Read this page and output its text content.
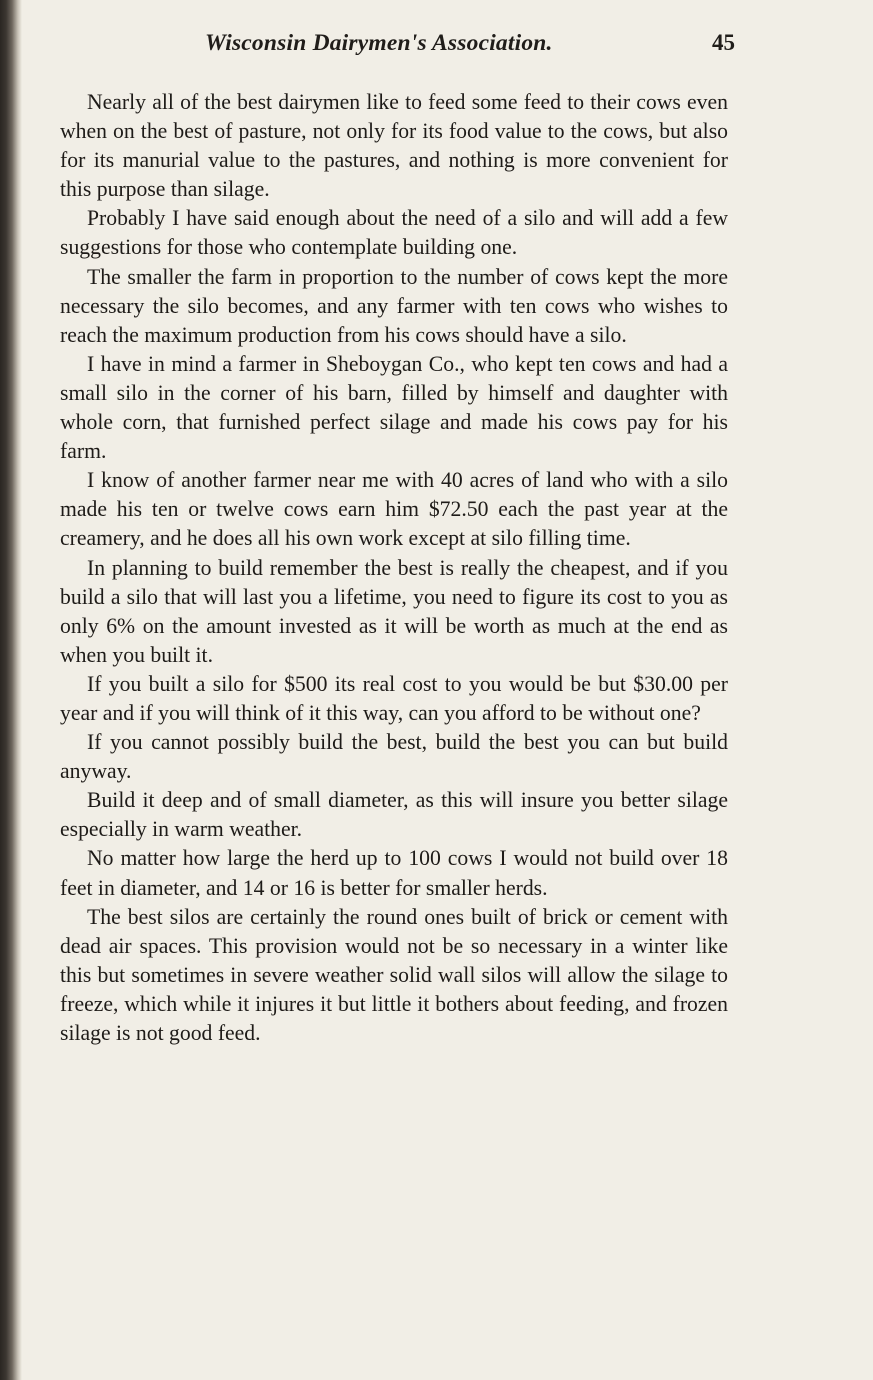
Wisconsin Dairymen's Association.	45

Nearly all of the best dairymen like to feed some feed to their cows even when on the best of pasture, not only for its food value to the cows, but also for its manurial value to the pastures, and nothing is more convenient for this purpose than silage.

Probably I have said enough about the need of a silo and will add a few suggestions for those who contemplate building one.

The smaller the farm in proportion to the number of cows kept the more necessary the silo becomes, and any farmer with ten cows who wishes to reach the maximum production from his cows should have a silo.

I have in mind a farmer in Sheboygan Co., who kept ten cows and had a small silo in the corner of his barn, filled by himself and daughter with whole corn, that furnished perfect silage and made his cows pay for his farm.

I know of another farmer near me with 40 acres of land who with a silo made his ten or twelve cows earn him $72.50 each the past year at the creamery, and he does all his own work except at silo filling time.

In planning to build remember the best is really the cheapest, and if you build a silo that will last you a lifetime, you need to figure its cost to you as only 6% on the amount invested as it will be worth as much at the end as when you built it.

If you built a silo for $500 its real cost to you would be but $30.00 per year and if you will think of it this way, can you afford to be without one?

If you cannot possibly build the best, build the best you can but build anyway.

Build it deep and of small diameter, as this will insure you better silage especially in warm weather.

No matter how large the herd up to 100 cows I would not build over 18 feet in diameter, and 14 or 16 is better for smaller herds.

The best silos are certainly the round ones built of brick or cement with dead air spaces. This provision would not be so necessary in a winter like this but sometimes in severe weather solid wall silos will allow the silage to freeze, which while it injures it but little it bothers about feeding, and frozen silage is not good feed.
